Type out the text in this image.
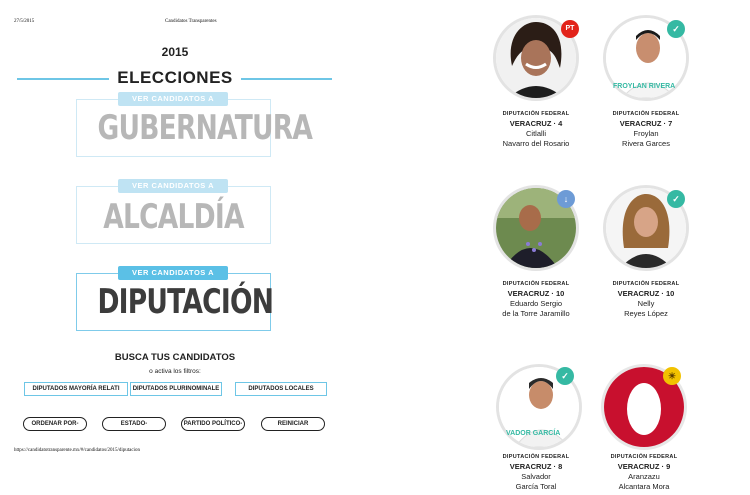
27/5/2015	Candidatos Transparentes
2015
ELECCIONES
VER CANDIDATOS A
GUBERNATURA
VER CANDIDATOS A
ALCALDÍA
VER CANDIDATOS A
DIPUTACIÓN
BUSCA TUS CANDIDATOS
o activa los filtros:
DIPUTADOS MAYORÍA RELATI	DIPUTADOS PLURINOMINALE	DIPUTADOS LOCALES
ORDENAR POR-	ESTADO-	PARTIDO POLÍTICO-	REINICIAR
https://candidatotransparente.mx/#/candidatos/2015/diputacion
PT
DIPUTACIÓN FEDERAL
VERACRUZ · 4
Citlalli
Navarro del Rosario
FROYLAN RIVERA
✓
DIPUTACIÓN FEDERAL
VERACRUZ · 7
Froylan
Rivera Garces
↓
DIPUTACIÓN FEDERAL
VERACRUZ · 10
Eduardo Sergio
de la Torre Jaramillo
✓
DIPUTACIÓN FEDERAL
VERACRUZ · 10
Nelly
Reyes López
VADOR GARCÍA
✓
DIPUTACIÓN FEDERAL
VERACRUZ · 8
Salvador
García Toral
☀
DIPUTACIÓN FEDERAL
VERACRUZ · 9
Aranzazu
Alcantara Mora
